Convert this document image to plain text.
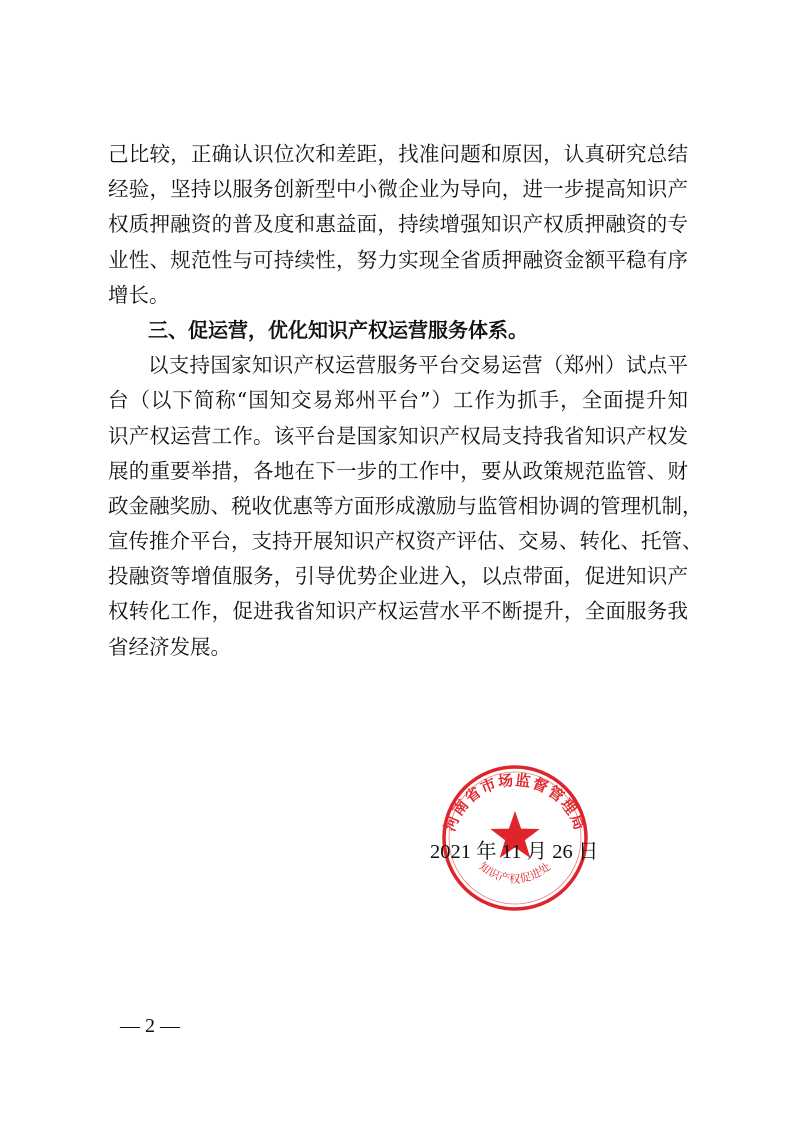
己比较，正确认识位次和差距，找准问题和原因，认真研究总结

经验，坚持以服务创新型中小微企业为导向，进一步提高知识产

权质押融资的普及度和惠益面，持续增强知识产权质押融资的专

业性、规范性与可持续性，努力实现全省质押融资金额平稳有序

增长。

三、促运营，优化知识产权运营服务体系。

以支持国家知识产权运营服务平台交易运营（郑州）试点平

台（以下简称“国知交易郑州平台”）工作为抓手，全面提升知

识产权运营工作。该平台是国家知识产权局支持我省知识产权发

展的重要举措，各地在下一步的工作中，要从政策规范监管、财

政金融奖励、税收优惠等方面形成激励与监管相协调的管理机制，

宣传推介平台，支持开展知识产权资产评估、交易、转化、托管、

投融资等增值服务，引导优势企业进入，以点带面，促进知识产

权转化工作，促进我省知识产权运营水平不断提升，全面服务我

省经济发展。

河南省市场监督管理局
知识产权促进处
2021 年 11 月 26 日
— 2 —
